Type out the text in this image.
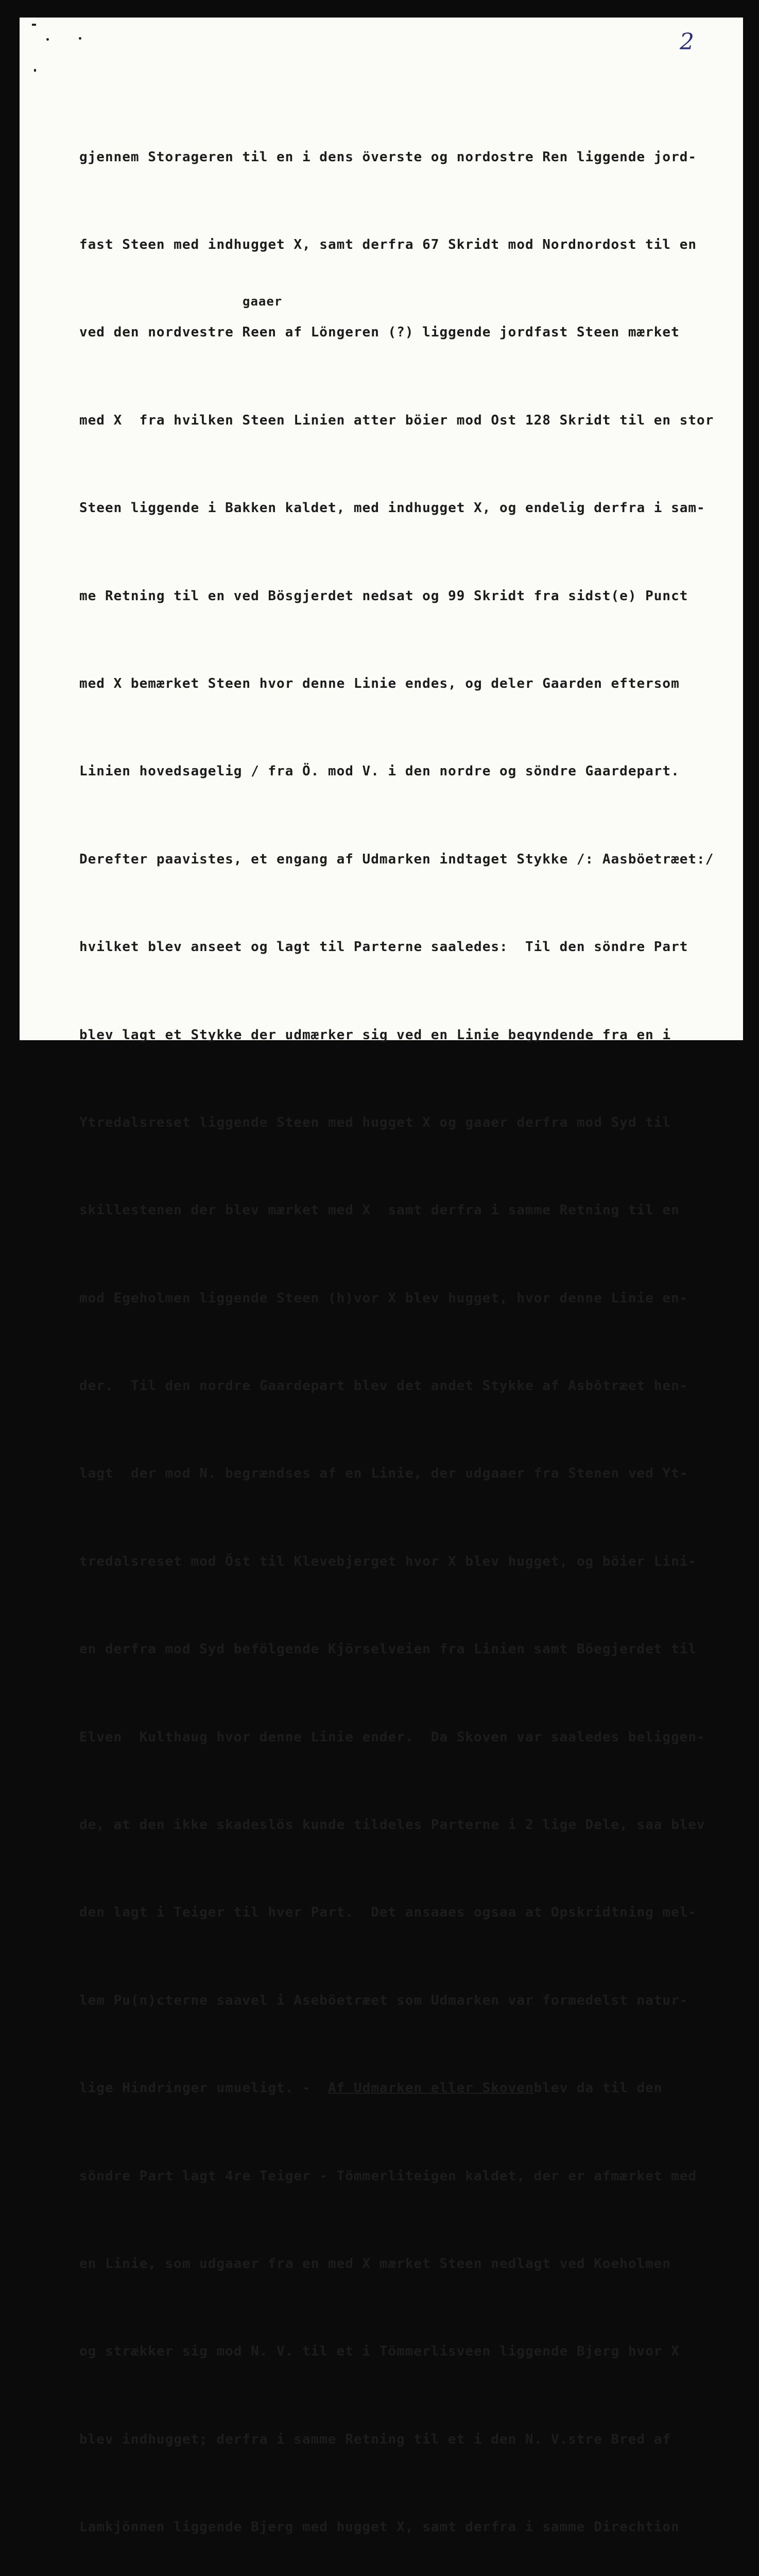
2
gaaer

gjennem Storageren til en i dens överste og nordostre Ren liggende jord-

fast Steen med indhugget X, samt derfra 67 Skridt mod Nordnordost til en

ved den nordvestre Reen af Löngeren (?) liggende jordfast Steen mærket

med X  fra hvilken Steen Linien atter böier mod Ost 128 Skridt til en stor

Steen liggende i Bakken kaldet, med indhugget X, og endelig derfra i sam-

me Retning til en ved Bösgjerdet nedsat og 99 Skridt fra sidst(e) Punct

med X bemærket Steen hvor denne Linie endes, og deler Gaarden eftersom

Linien hovedsagelig / fra Ö. mod V. i den nordre og söndre Gaardepart.

Derefter paavistes, et engang af Udmarken indtaget Stykke /: Aasböetræet:/

hvilket blev anseet og lagt til Parterne saaledes:  Til den söndre Part

blev lagt et Stykke der udmærker sig ved en Linie begyndende fra en i

Ytredalsreset liggende Steen med hugget X og gaaer derfra mod Syd til

skillestenen der blev mærket med X  samt derfra i samme Retning til en

mod Egeholmen liggende Steen (h)vor X blev hugget, hvor denne Linie en-

der.  Til den nordre Gaardepart blev det andet Stykke af Asbötræet hen-

lagt  der mod N. begrændses af en Linie, der udgaaer fra Stenen ved Yt-

tredalsreset mod Öst til Klevebjerget hvor X blev hugget, og böier Lini-

en derfra mod Syd befölgende Kjörselveien fra Linien samt Böegjerdet til

Elven  Kulthaug hvor denne Linie ender.  Da Skoven var saaledes beliggen-

de, at den ikke skadeslös kunde tildeles Parterne i 2 lige Dele, saa blev

den lagt i Teiger til hver Part.  Det ansaaes ogsaa at Opskridtning mel-

lem Pu(n)cterne saavel i Aseböetræet som Udmarken var formedelst natur-

lige Hindringer umueligt. - Af Udmarken eller Skovenblev da til den

söndre Part lagt 4re Teiger - Tömmerliteigen kaldet, der er afmærket med

en Linie, som udgaaer fra en med X mærket Steen nedlagt ved Koeholmen

og strækker sig mod N. V. til et i Tömmerlisveen liggende Bjerg hvor X

blev indhugget; derfra i samme Retning til et i den N. V.stre Bred af

Lamkjönnen liggende Bjerg med hugget X, samt derfra i samme Direchtion
